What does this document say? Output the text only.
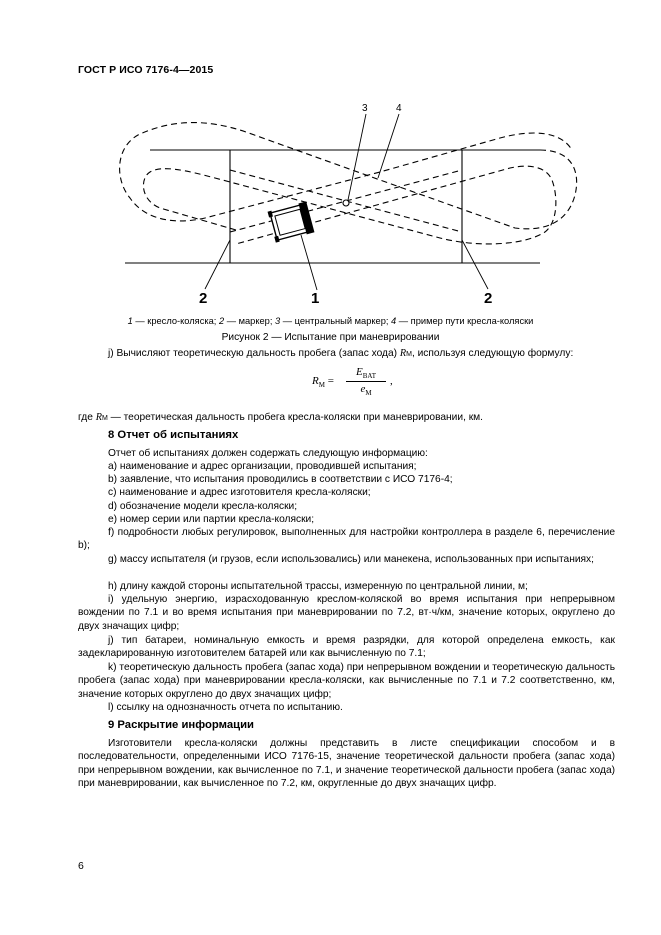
ГОСТ Р ИСО 7176-4—2015
3	4
2	1	2
1 — кресло-коляска; 2 — маркер; 3 — центральный маркер; 4 — пример пути кресла-коляски
Рисунок 2 — Испытание при маневрировании
j) Вычисляют теоретическую дальность пробега (запас хода) RM, используя следующую формулу:
$R_M$ =
$E_{BAT}$
$e_M$
,
где RM — теоретическая дальность пробега кресла-коляски при маневрировании, км.
8 Отчет об испытаниях
Отчет об испытаниях должен содержать следующую информацию:
а) наименование и адрес организации, проводившей испытания;
b) заявление, что испытания проводились в соответствии с ИСО 7176-4;
c) наименование и адрес изготовителя кресла-коляски;
d) обозначение модели кресла-коляски;
e) номер серии или партии кресла-коляски;
f) подробности любых регулировок, выполненных для настройки контроллера в разделе 6, перечисление b);
g) массу испытателя (и грузов, если использовались) или манекена, использованных при испытаниях;
h) длину каждой стороны испытательной трассы, измеренную по центральной линии, м;
i) удельную энергию, израсходованную креслом-коляской во время испытания при непрерывном вождении по 7.1 и во время испытания при маневрировании по 7.2, вт·ч/км, значение которых, округлено до двух значащих цифр;
j) тип батареи, номинальную емкость и время разрядки, для которой определена емкость, как задекларированную изготовителем батарей или как вычисленную по 7.1;
k) теоретическую дальность пробега (запас хода) при непрерывном вождении и теоретическую дальность пробега (запас хода) при маневрировании кресла-коляски, как вычисленные по 7.1 и 7.2 соответственно, км, значение которых округлено до двух значащих цифр;
l) ссылку на однозначность отчета по испытанию.
9 Раскрытие информации
Изготовители кресла-коляски должны представить в листе спецификации способом и в последовательности, определенными ИСО 7176-15, значение теоретической дальности пробега (запас хода) при непрерывном вождении, как вычисленное по 7.1, и значение теоретической дальности пробега (запас хода) при маневрировании, как вычисленное по 7.2, км, округленные до двух значащих цифр.
6
